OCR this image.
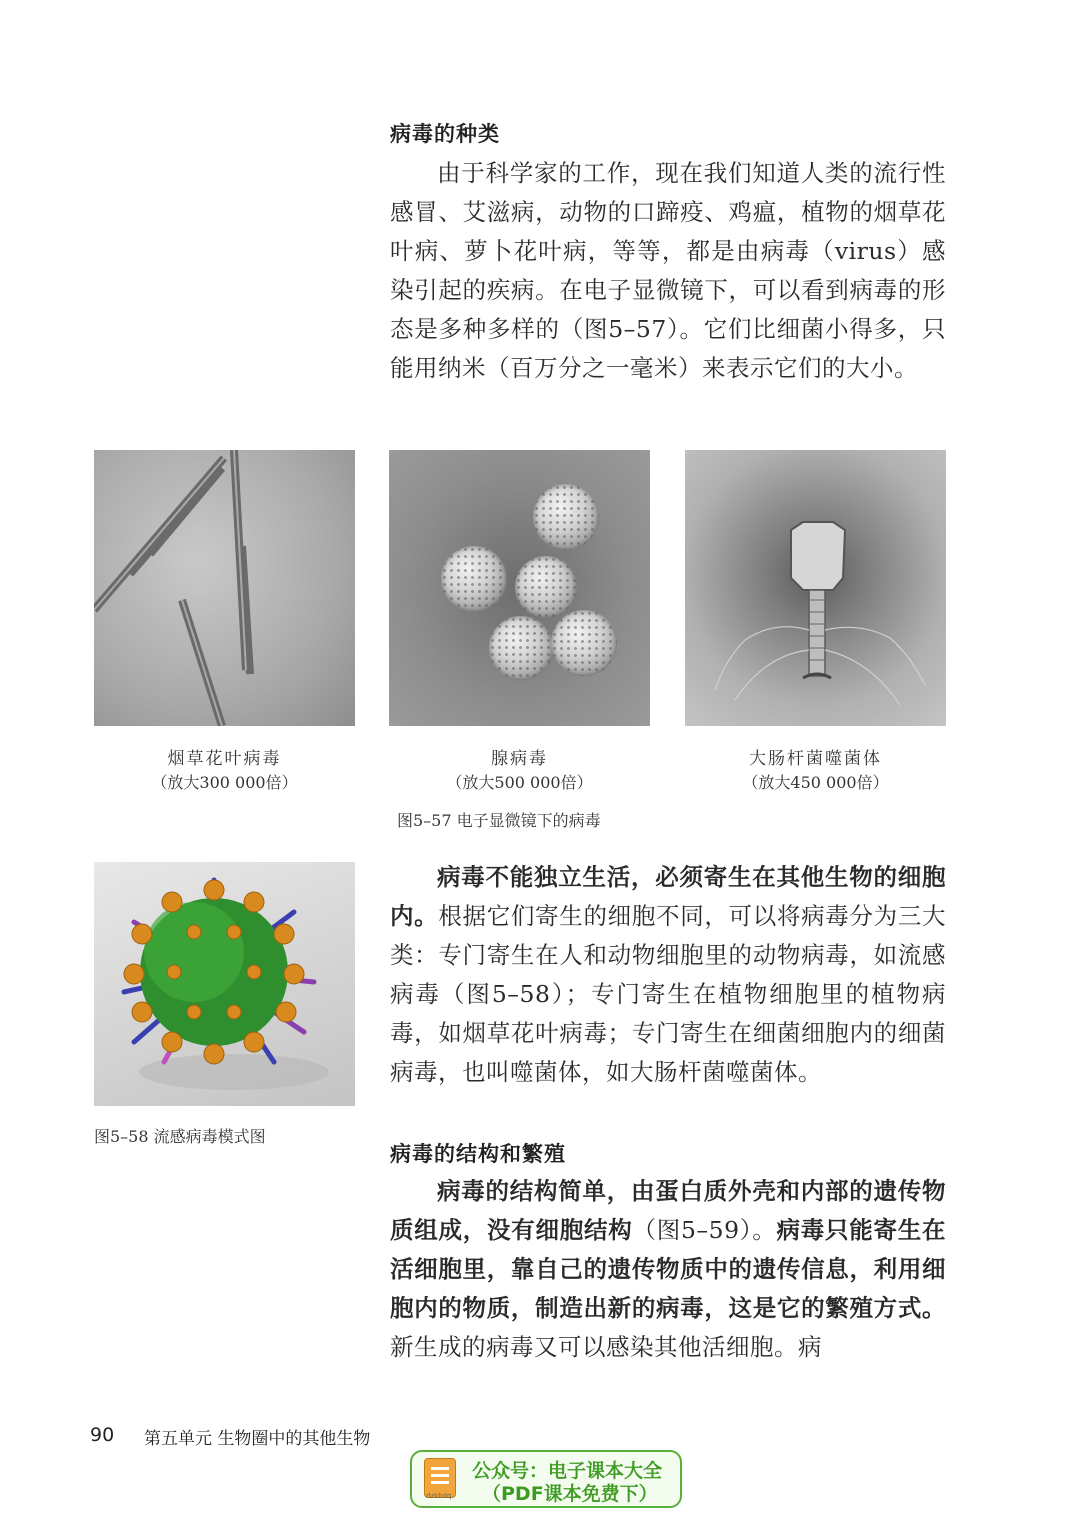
病毒的种类

由于科学家的工作，现在我们知道人类的流行性感冒、艾滋病，动物的口蹄疫、鸡瘟，植物的烟草花叶病、萝卜花叶病，等等，都是由病毒（virus）感染引起的疾病。在电子显微镜下，可以看到病毒的形态是多种多样的（图5–57）。它们比细菌小得多，只能用纳米（百万分之一毫米）来表示它们的大小。

烟草花叶病毒
（放大300 000倍）
腺病毒
（放大500 000倍）
大肠杆菌噬菌体
（放大450 000倍）
图5–57 电子显微镜下的病毒
图5–58 流感病毒模式图

病毒不能独立生活，必须寄生在其他生物的细胞内。根据它们寄生的细胞不同，可以将病毒分为三大类：专门寄生在人和动物细胞里的动物病毒，如流感病毒（图5–58）；专门寄生在植物细胞里的植物病毒，如烟草花叶病毒；专门寄生在细菌细胞内的细菌病毒，也叫噬菌体，如大肠杆菌噬菌体。

病毒的结构和繁殖

病毒的结构简单，由蛋白质外壳和内部的遗传物质组成，没有细胞结构（图5–59）。病毒只能寄生在活细胞里，靠自己的遗传物质中的遗传信息，利用细胞内的物质，制造出新的病毒，这是它的繁殖方式。新生成的病毒又可以感染其他活细胞。病

90 第五单元 生物圈中的其他生物
dzkbdq
公众号：电子课本大全
（PDF课本免费下）
